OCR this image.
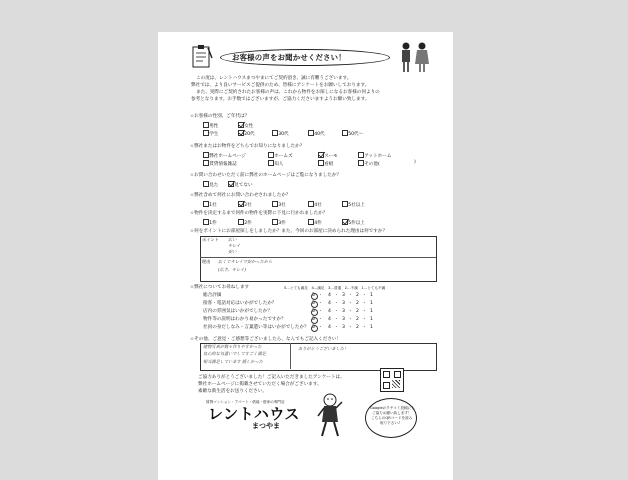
お客様の声をお聞かせください！
この度は、レントハウスまつやまにてご契約頂き、誠に有難うございます。
弊社では、より良いサービスご提供のため、皆様にアンケートをお願いしております。
また、実際にご契約されたお客様の声は、これから物件をお探しになるお客様の何よりの
参考となります。お手数ではございますが、ご協力くださいますようお願い致します。
☆お客様の性別、ご年代は？
男性	女性
学生	20代	30代	40代	50代～
☆弊社またはお物件をどちらでお知りになりましたか？
弊社ホームページ	ホームズ	スーモ	アットホーム
賃貸情報雑誌	知人	看板	その他(	)
☆お問い合わせいただく前に弊社のホームページはご覧になりましたか？
見た	見てない
☆弊社含めて何社にお問い合わせされましたか？
1社	2社	3社	4社	5社以上
☆物件を決定するまで何件の物件を実際に下見に行かれましたか？
1件	2件	3件	4件	5件以上
☆何をポイントにお部屋探しをしましたか？また、今回のお部屋に決められた理由は何ですか？
ポイント
理由
広い
キレイ
安い
広くてキレイで安かったから
(広さ、キレイ)
☆弊社についてお尋ねします	5…とても満足　4…満足　3…普通　2…不満　1…とても不満
☆その他、ご意見・ご感想等ございましたら、なんでもご記入ください！
建物写真が数々作りやすかった
良心的な気遣いでしてすごく満足
相当満足しています 嬉しかった
ありがとうございました！
ご協力ありがとうございました！ご記入いただきましたアンケートは、
弊社ホームページに掲載させていただく場合がございます。
素敵な新生活をお送りください。
賃貸マンション・アパート・借地・借家の専門店
レントハウス
まつやま
Googleのクチコミ投稿にも
ご協力お願い致します！
こちらのQRコードを読み
取り下さい♪
総合評価	5 ・ 4 ・ 3 ・ 2 ・ 1
接客・電話対応はいかがでしたか？	5 ・ 4 ・ 3 ・ 2 ・ 1
店内の雰囲気はいかがでしたか？	5 ・ 4 ・ 3 ・ 2 ・ 1
物件等の説明はわかり易かったですか？	5 ・ 4 ・ 3 ・ 2 ・ 1
社員の身だしなみ・言葉遣い等はいかがでしたか？ 5 ・ 4 ・ 3 ・ 2 ・ 1
